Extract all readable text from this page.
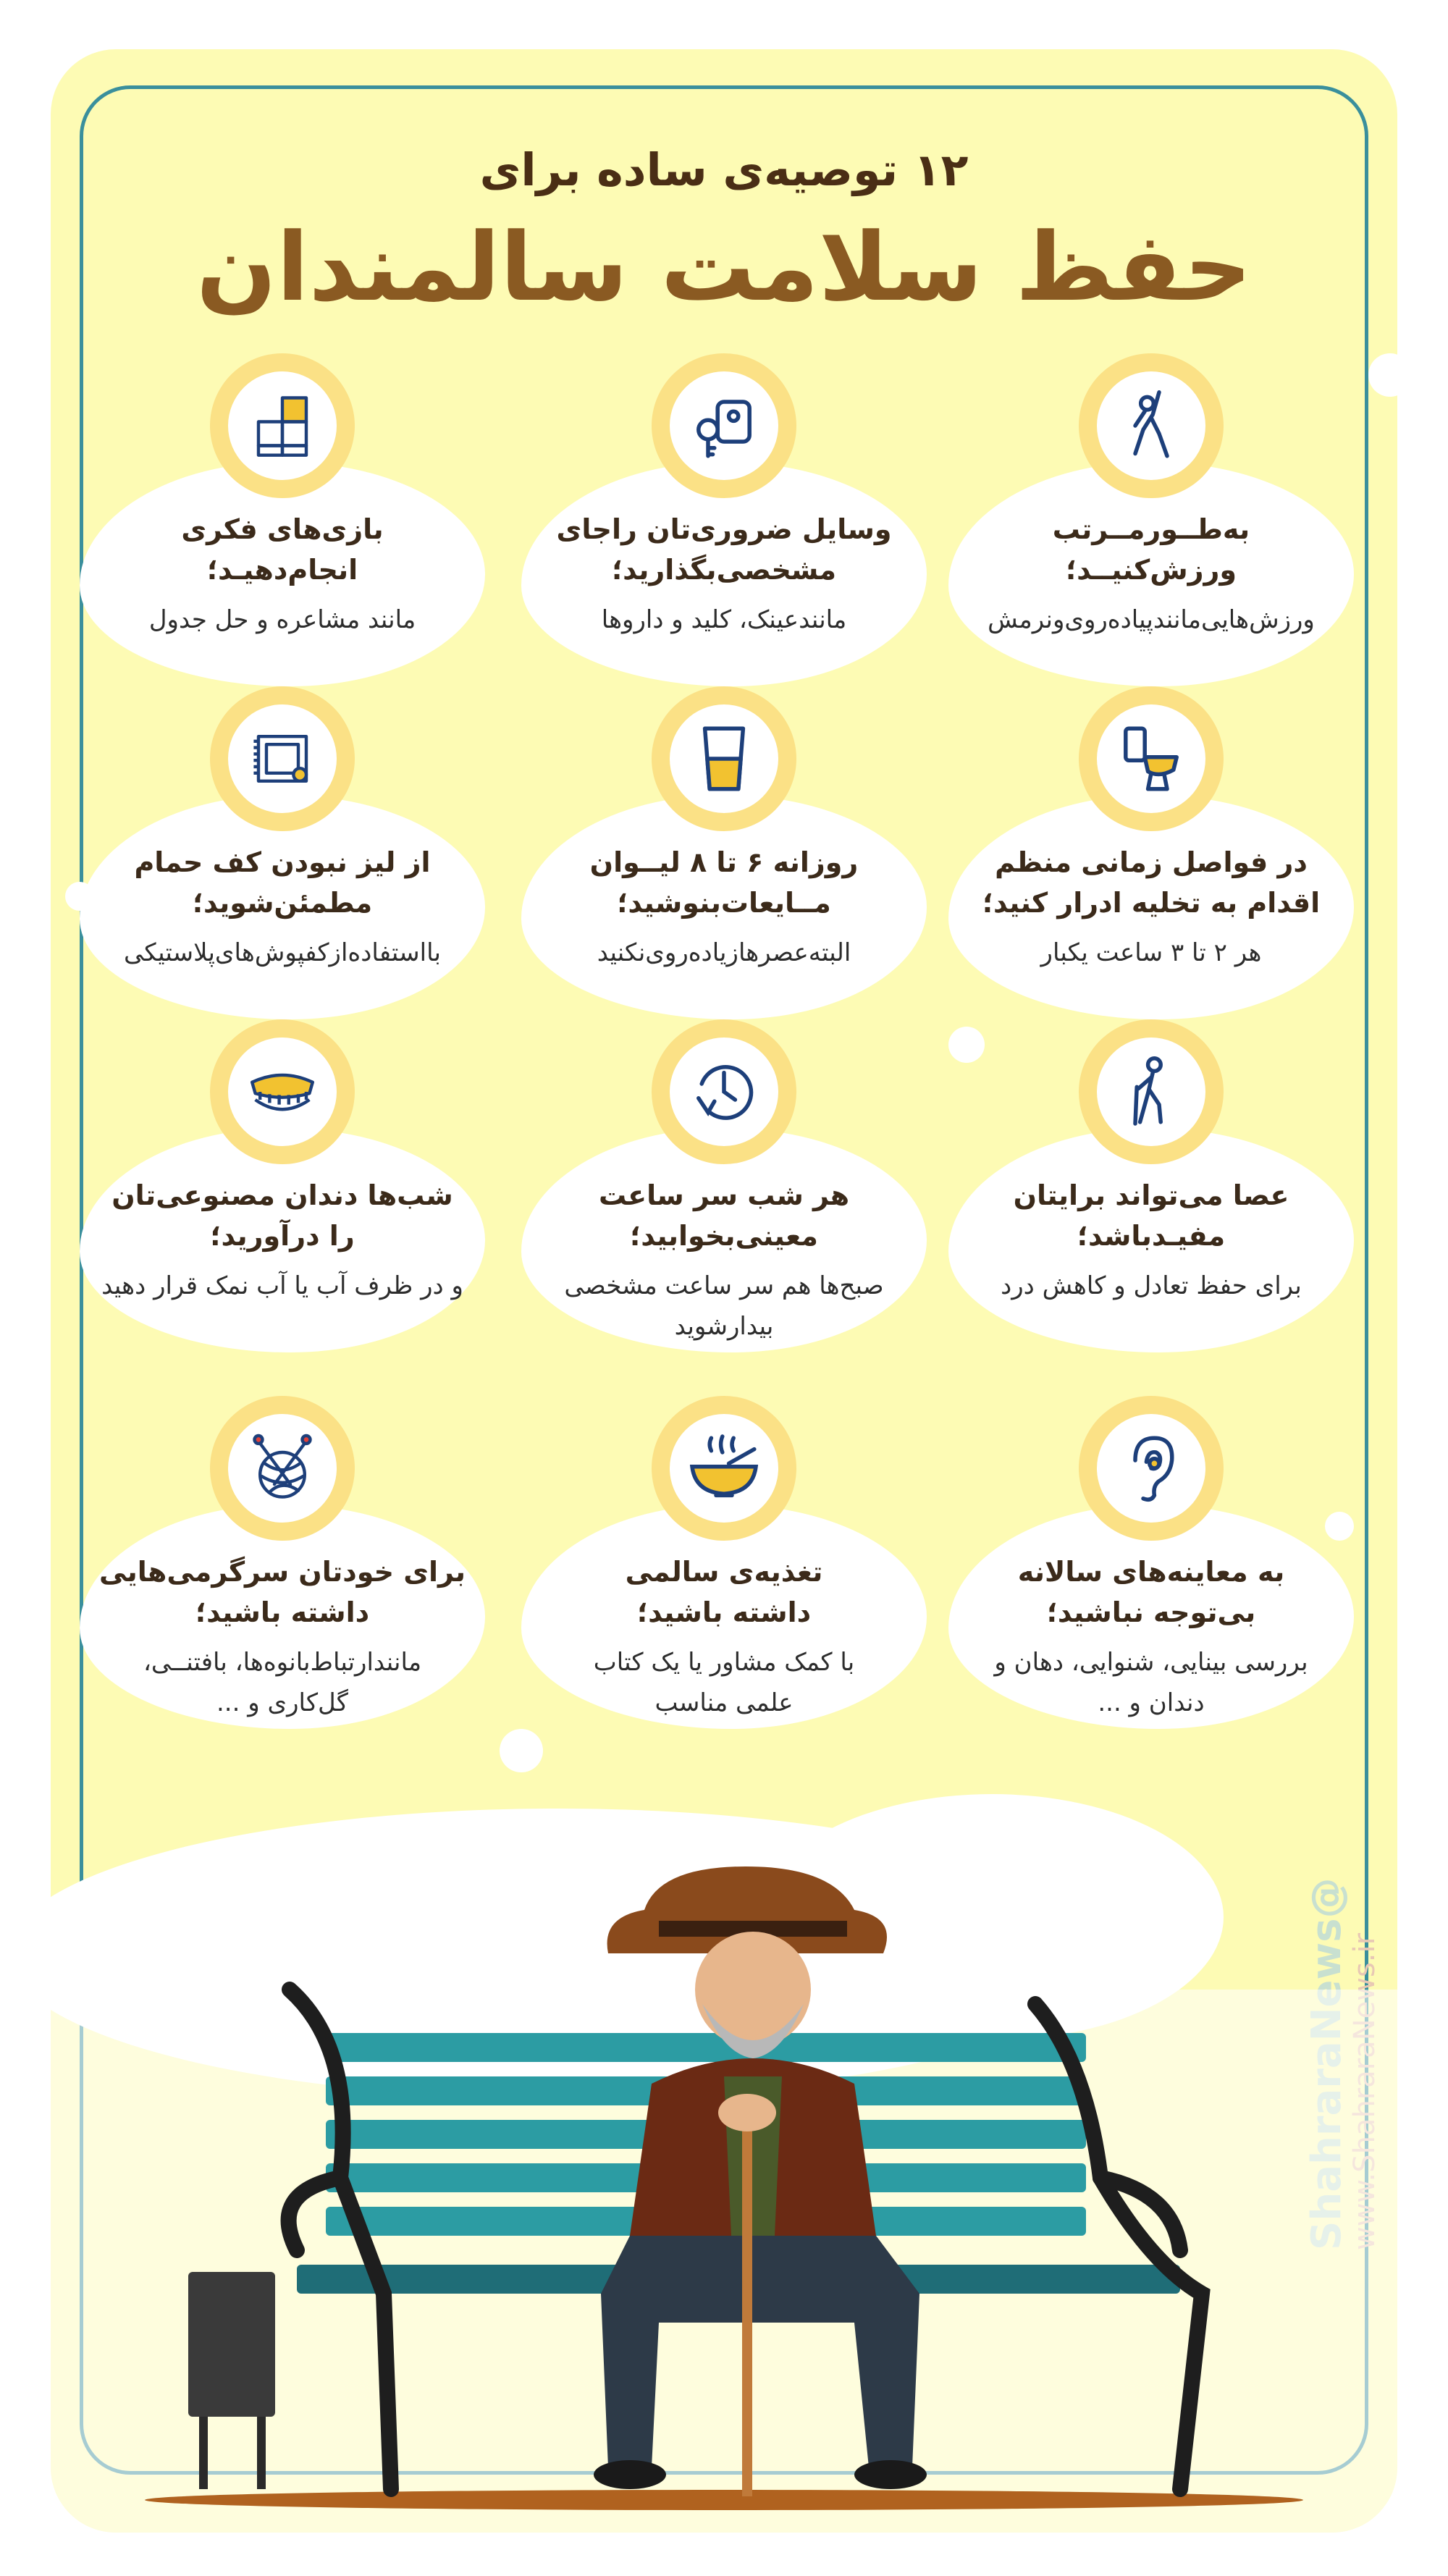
۱۲ توصیه‌ی ساده برای
حفظ سلامت سالمندان
به‌طــورمــرتب
ورزش‌کنیــد؛
ورزش‌هایی‌مانندپیاده‌روی‌ونرمش
وسایل ضروری‌تان راجای
مشخصی‌بگذارید؛
مانندعینک، کلید و داروها
بازی‌های فکری
انجام‌دهیـد؛
مانند مشاعره و حل جدول
در فواصل زمانی منظم
اقدام به تخلیه ادرار کنید؛
هر ۲ تا ۳ ساعت یکبار
روزانه ۶ تا ۸ لیــوان
مــایعات‌بنوشید؛
البته‌عصرهازیاده‌روی‌نکنید
از لیز نبودن کف حمام
مطمئن‌شوید؛
بااستفاده‌ازکفپوش‌های‌پلاستیکی
عصا می‌تواند برایتان
مفیـدباشد؛
برای حفظ تعادل و کاهش درد
هر شب سر ساعت
معینی‌بخوابید؛
صبح‌ها هم سر ساعت مشخصی
بیدارشوید
شب‌ها دندان مصنوعی‌تان
را درآورید؛
و در ظرف آب یا آب نمک قرار دهید
به معاینه‌های سالانه
بی‌توجه نباشید؛
بررسی بینایی، شنوایی، دهان و
دندان و ...
تغذیه‌ی سالمی
داشته باشید؛
با کمک مشاور یا یک کتاب
علمی مناسب
برای خودتان سرگرمی‌هایی
داشته باشید؛
مانندارتباط‌بانوه‌ها، بافتنــی،
گل‌کاری و ...
@ News
